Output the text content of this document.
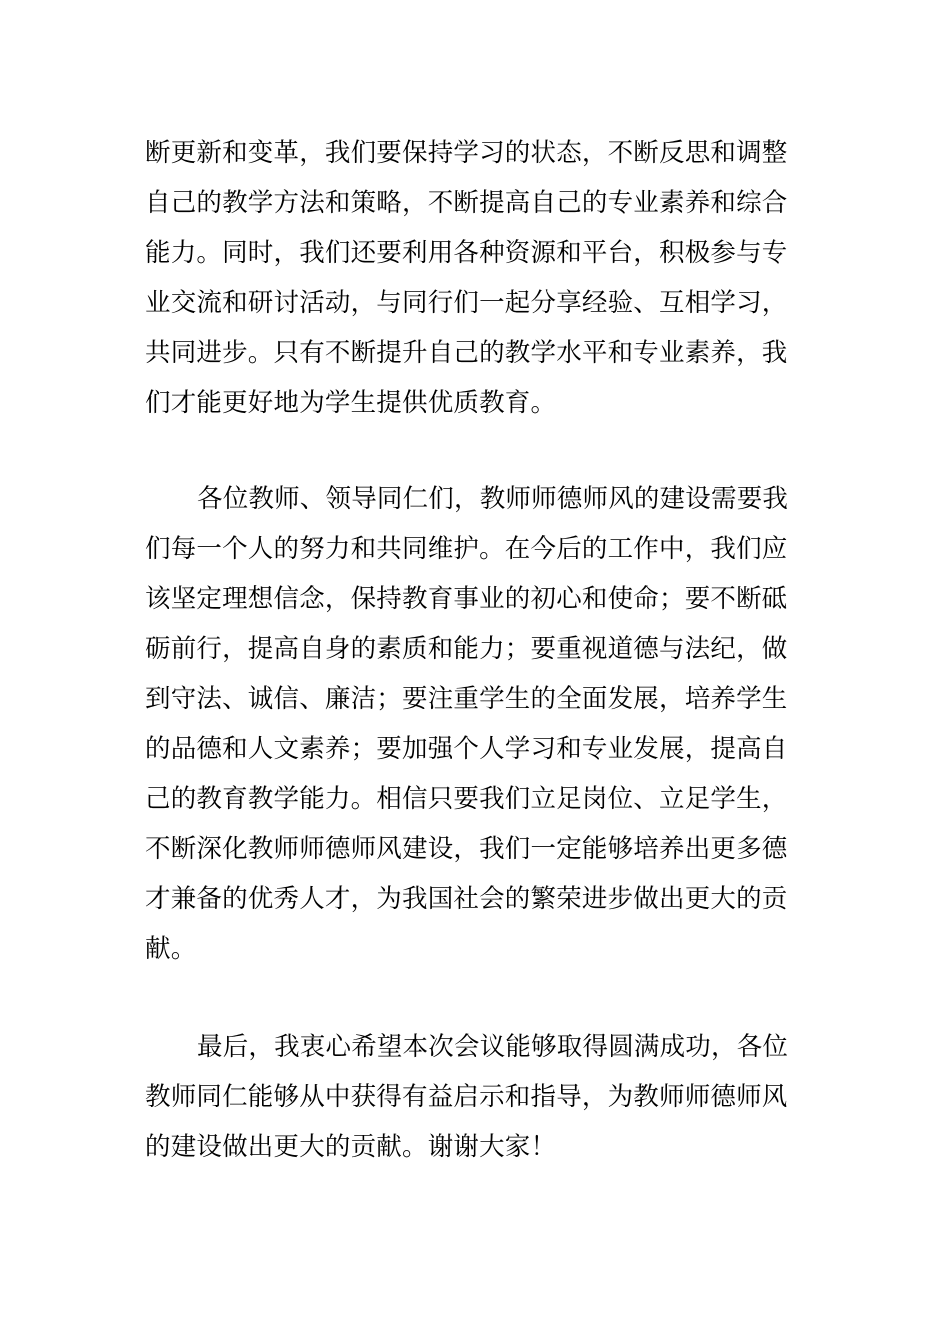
断更新和变革，我们要保持学习的状态，不断反思和调整
自己的教学方法和策略，不断提高自己的专业素养和综合
能力。同时，我们还要利用各种资源和平台，积极参与专
业交流和研讨活动，与同行们一起分享经验、互相学习，
共同进步。只有不断提升自己的教学水平和专业素养，我
们才能更好地为学生提供优质教育。
各位教师、领导同仁们，教师师德师风的建设需要我
们每一个人的努力和共同维护。在今后的工作中，我们应
该坚定理想信念，保持教育事业的初心和使命；要不断砥
砺前行，提高自身的素质和能力；要重视道德与法纪，做
到守法、诚信、廉洁；要注重学生的全面发展，培养学生
的品德和人文素养；要加强个人学习和专业发展，提高自
己的教育教学能力。相信只要我们立足岗位、立足学生，
不断深化教师师德师风建设，我们一定能够培养出更多德
才兼备的优秀人才，为我国社会的繁荣进步做出更大的贡
献。
最后，我衷心希望本次会议能够取得圆满成功，各位
教师同仁能够从中获得有益启示和指导，为教师师德师风
的建设做出更大的贡献。谢谢大家！
